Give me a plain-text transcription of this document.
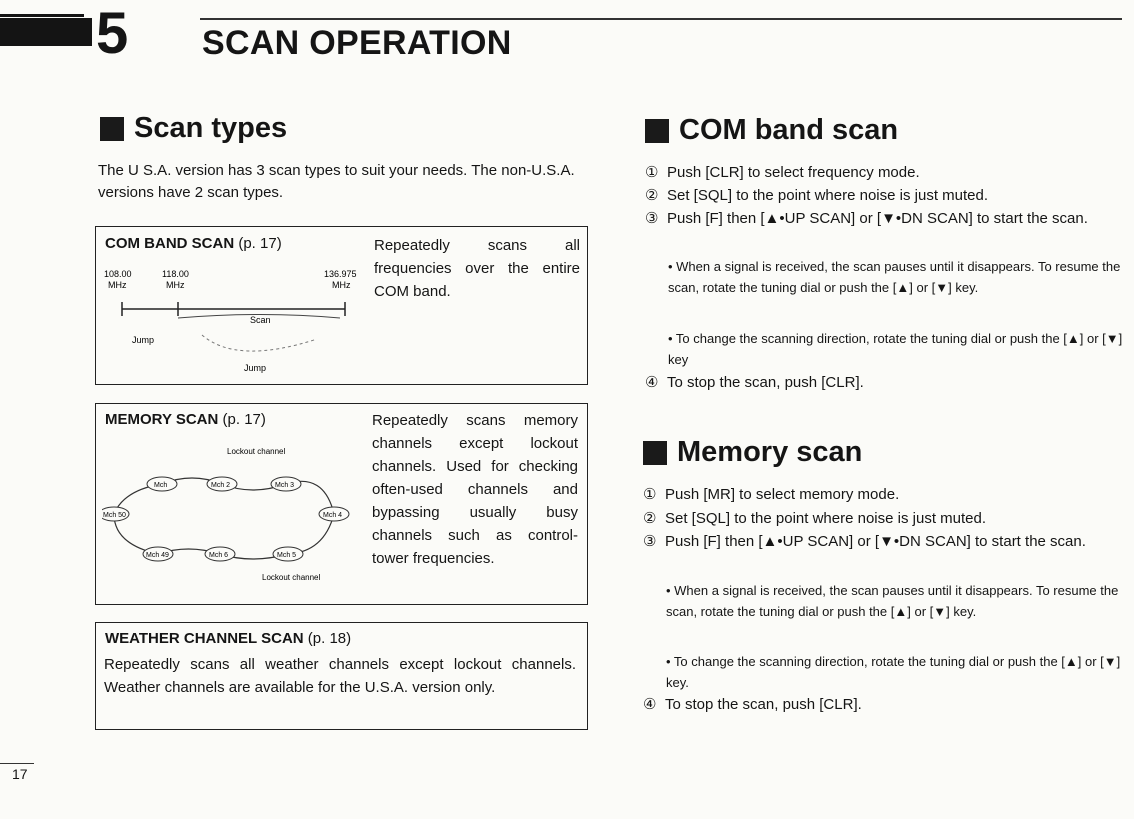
5 SCAN OPERATION
Scan types
The U S.A. version has 3 scan types to suit your needs. The non-U.S.A. versions have 2 scan types.
COM BAND SCAN (p. 17)	Repeatedly scans all frequencies over the entire COM band.
108.00
MHz
118.00
MHz
136.975
MHz
Scan
Jump
Jump
MEMORY SCAN (p. 17)	Repeatedly scans memory channels except lockout channels. Used for checking often-used channels and bypassing usually busy channels such as control-tower frequencies.
Lockout channel
Mch	Mch 2	Mch 3
Mch 4
Mch 5
Mch 6
Mch 49
Mch 50
Lockout channel
WEATHER CHANNEL SCAN (p. 18)
Repeatedly scans all weather channels except lockout channels. Weather channels are available for the U.S.A. version only.
COM band scan
① Push [CLR] to select frequency mode.
② Set [SQL] to the point where noise is just muted.
③ Push [F] then [▲•UP SCAN] or [▼•DN SCAN] to start the scan.
• When a signal is received, the scan pauses until it disappears. To resume the scan, rotate the tuning dial or push the [▲] or [▼] key.
• To change the scanning direction, rotate the tuning dial or push the [▲] or [▼] key
④ To stop the scan, push [CLR].
Memory scan
① Push [MR] to select memory mode.
② Set [SQL] to the point where noise is just muted.
③ Push [F] then [▲•UP SCAN] or [▼•DN SCAN] to start the scan.
• When a signal is received, the scan pauses until it disappears. To resume the scan, rotate the tuning dial or push the [▲] or [▼] key.
• To change the scanning direction, rotate the tuning dial or push the [▲] or [▼] key.
④ To stop the scan, push [CLR].
17
